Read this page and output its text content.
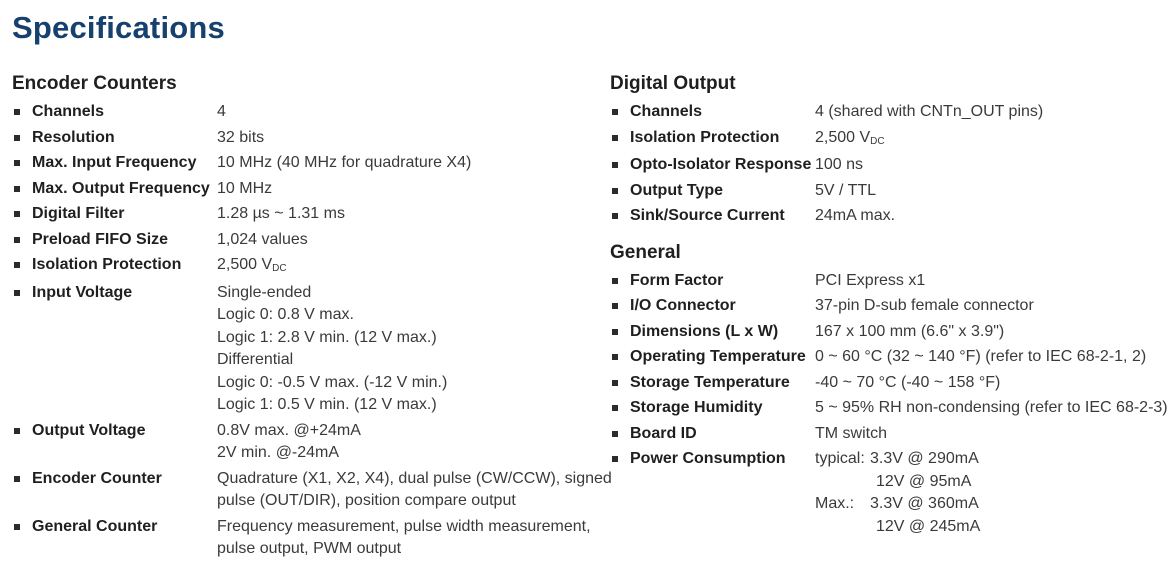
Specifications
Encoder Counters
Channels	4
Resolution	32 bits
Max. Input Frequency	10 MHz (40 MHz for quadrature X4)
Max. Output Frequency 10 MHz
Digital Filter	1.28 µs ~ 1.31 ms
Preload FIFO Size	1,024 values
Isolation Protection	2,500 VDC
Input Voltage	Single-ended
Logic 0: 0.8 V max.
Logic 1: 2.8 V min. (12 V max.)
Differential
Logic 0: -0.5 V max. (-12 V min.)
Logic 1: 0.5 V min. (12 V max.)
Output Voltage	0.8V max. @+24mA
2V min. @-24mA
Encoder Counter	Quadrature (X1, X2, X4), dual pulse (CW/CCW), signed
pulse (OUT/DIR), position compare output
General Counter	Frequency measurement, pulse width measurement,
pulse output, PWM output
Digital Output
Channels	4 (shared with CNTn_OUT pins)
Isolation Protection	2,500 VDC
Opto-Isolator Response 100 ns
Output Type	5V / TTL
Sink/Source Current	24mA max.
General
Form Factor	PCI Express x1
I/O Connector	37-pin D-sub female connector
Dimensions (L x W)	167 x 100 mm (6.6" x 3.9")
Operating Temperature 0 ~ 60 °C (32 ~ 140 °F) (refer to IEC 68-2-1, 2)
Storage Temperature	-40 ~ 70 °C (-40 ~ 158 °F)
Storage Humidity	5 ~ 95% RH non-condensing (refer to IEC 68-2-3)
Board ID	TM switch
Power Consumption	typical: 3.3V @ 290mA
12V @ 95mA
Max.: 3.3V @ 360mA
12V @ 245mA
